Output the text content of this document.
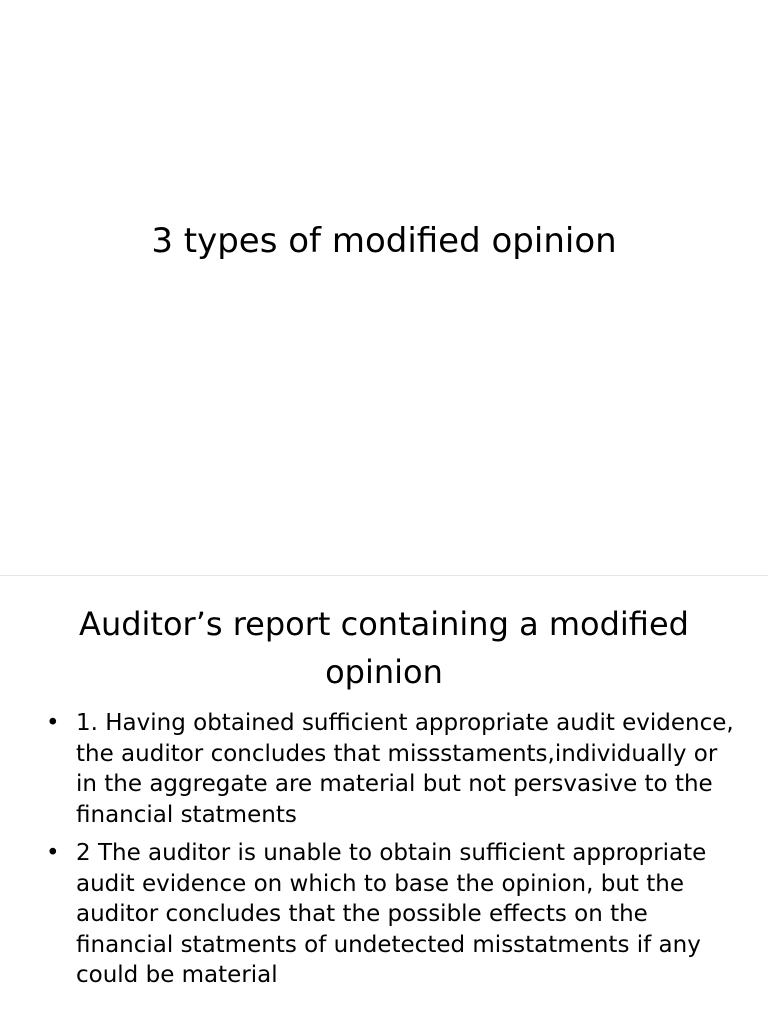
3 types of modified opinion
Auditor’s report containing a modified opinion
• 1. Having obtained sufficient appropriate audit evidence, the auditor concludes that missstaments,individually or in the aggregate are material but not persvasive to the financial statments
• 2 The auditor is unable to obtain sufficient appropriate audit evidence on which to base the opinion, but the auditor concludes that the possible effects on the financial statments of undetected misstatments if any could be material
